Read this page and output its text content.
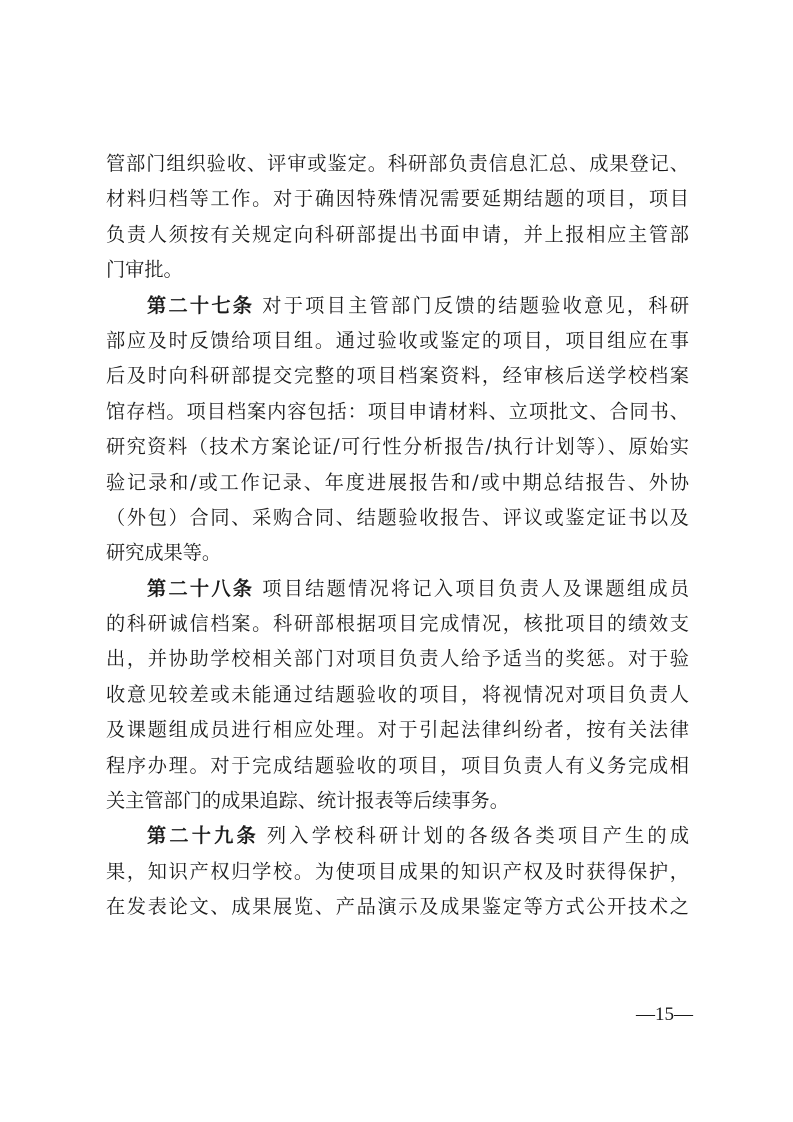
管部门组织验收、评审或鉴定。科研部负责信息汇总、成果登记、
材料归档等工作。对于确因特殊情况需要延期结题的项目，项目
负责人须按有关规定向科研部提出书面申请，并上报相应主管部
门审批。
第二十七条 对于项目主管部门反馈的结题验收意见，科研
部应及时反馈给项目组。通过验收或鉴定的项目，项目组应在事
后及时向科研部提交完整的项目档案资料，经审核后送学校档案
馆存档。项目档案内容包括：项目申请材料、立项批文、合同书、
研究资料（技术方案论证/可行性分析报告/执行计划等）、原始实
验记录和/或工作记录、年度进展报告和/或中期总结报告、外协
（外包）合同、采购合同、结题验收报告、评议或鉴定证书以及
研究成果等。
第二十八条 项目结题情况将记入项目负责人及课题组成员
的科研诚信档案。科研部根据项目完成情况，核批项目的绩效支
出，并协助学校相关部门对项目负责人给予适当的奖惩。对于验
收意见较差或未能通过结题验收的项目，将视情况对项目负责人
及课题组成员进行相应处理。对于引起法律纠纷者，按有关法律
程序办理。对于完成结题验收的项目，项目负责人有义务完成相
关主管部门的成果追踪、统计报表等后续事务。
第二十九条 列入学校科研计划的各级各类项目产生的成
果，知识产权归学校。为使项目成果的知识产权及时获得保护，
在发表论文、成果展览、产品演示及成果鉴定等方式公开技术之
—15—
